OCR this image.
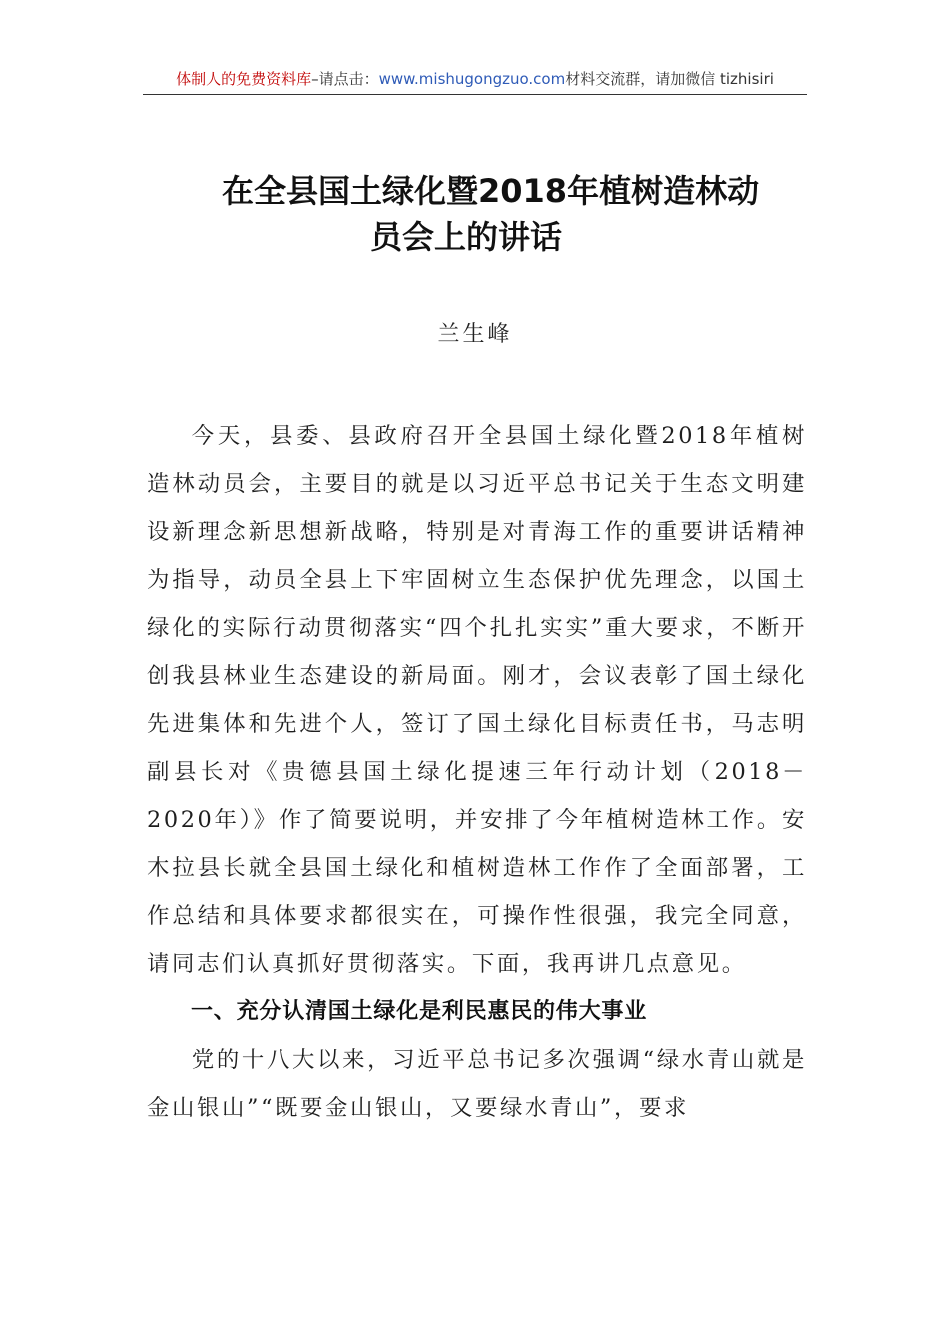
体制人的免费资料库–请点击：www.mishugongzuo.com材料交流群，请加微信 tizhisiri
在全县国土绿化暨2018年植树造林动
员会上的讲话
兰生峰

今天，县委、县政府召开全县国土绿化暨2018年植树造林动员会，主要目的就是以习近平总书记关于生态文明建设新理念新思想新战略，特别是对青海工作的重要讲话精神为指导，动员全县上下牢固树立生态保护优先理念，以国土绿化的实际行动贯彻落实“四个扎扎实实”重大要求，不断开创我县林业生态建设的新局面。刚才，会议表彰了国土绿化先进集体和先进个人，签订了国土绿化目标责任书，马志明副县长对《贵德县国土绿化提速三年行动计划（2018－2020年）》作了简要说明，并安排了今年植树造林工作。安木拉县长就全县国土绿化和植树造林工作作了全面部署，工作总结和具体要求都很实在，可操作性很强，我完全同意，请同志们认真抓好贯彻落实。下面，我再讲几点意见。

一、充分认清国土绿化是利民惠民的伟大事业

党的十八大以来，习近平总书记多次强调“绿水青山就是金山银山”“既要金山银山，又要绿水青山”，要求
